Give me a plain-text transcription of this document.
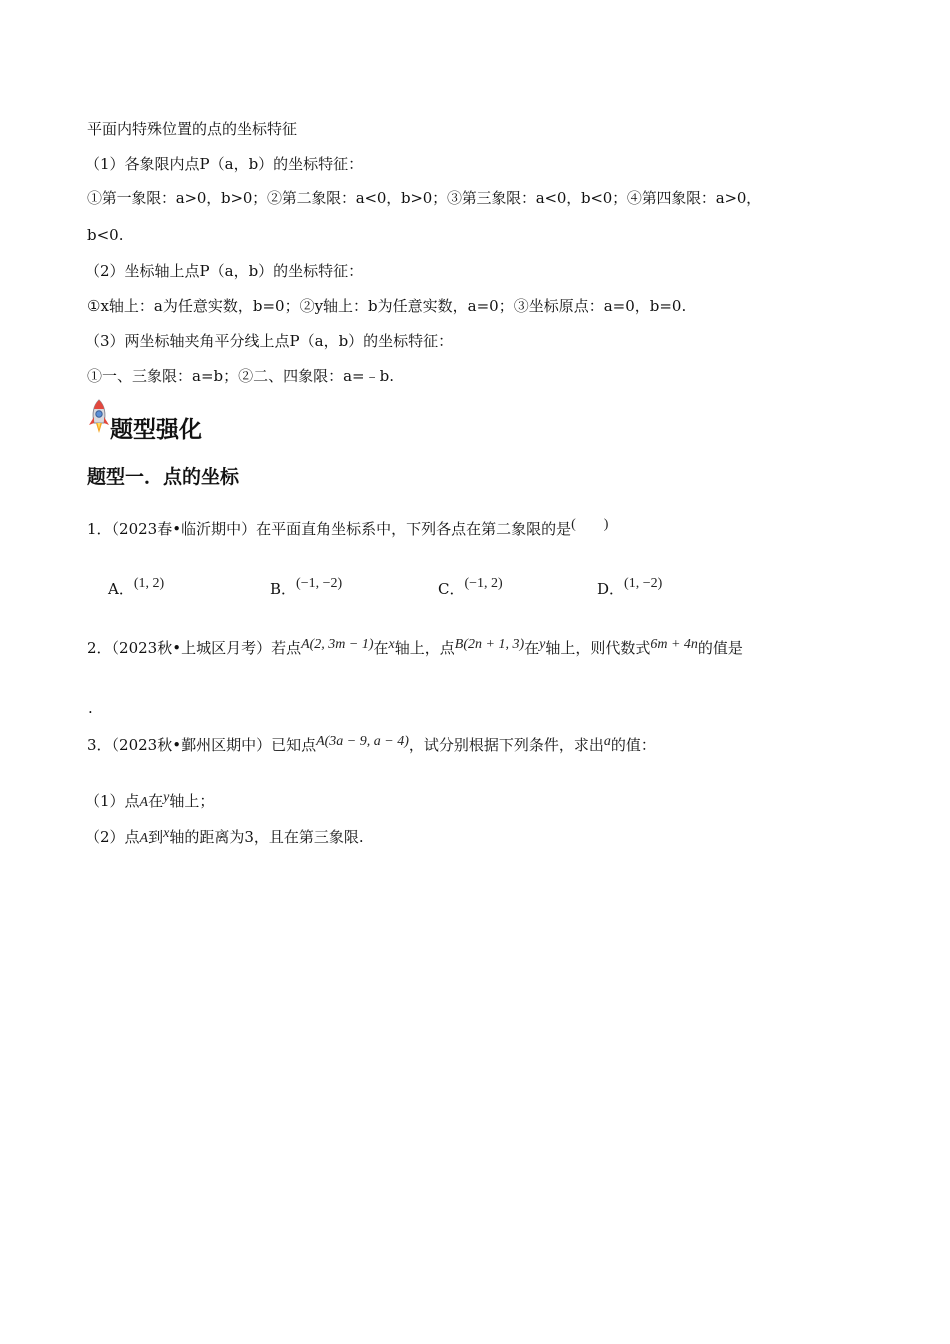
平面内特殊位置的点的坐标特征
（1）各象限内点P（a，b）的坐标特征：
①第一象限：a>0，b>0；②第二象限：a<0，b>0；③第三象限：a<0，b<0；④第四象限：a>0，
b<0.
（2）坐标轴上点P（a，b）的坐标特征：
①x轴上：a为任意实数，b=0；②y轴上：b为任意实数，a=0；③坐标原点：a=0，b=0.
（3）两坐标轴夹角平分线上点P（a，b）的坐标特征：
①一、三象限：a=b；②二、四象限：a=﹣b.
题型强化
题型一．点的坐标
1．（2023春•临沂期中）在平面直角坐标系中，下列各点在第二象限的是(        )
A．(1, 2)	B．(−1, −2)	C．(−1, 2)	D．(1, −2)
2．（2023秋•上城区月考）若点A(2, 3m − 1)在x轴上，点B(2n + 1, 3)在y轴上，则代数式6m + 4n的值是
.
3．（2023秋•鄞州区期中）已知点A(3a − 9, a − 4)，试分别根据下列条件，求出a的值：
（1）点A在y轴上；
（2）点A到x轴的距离为3，且在第三象限.
